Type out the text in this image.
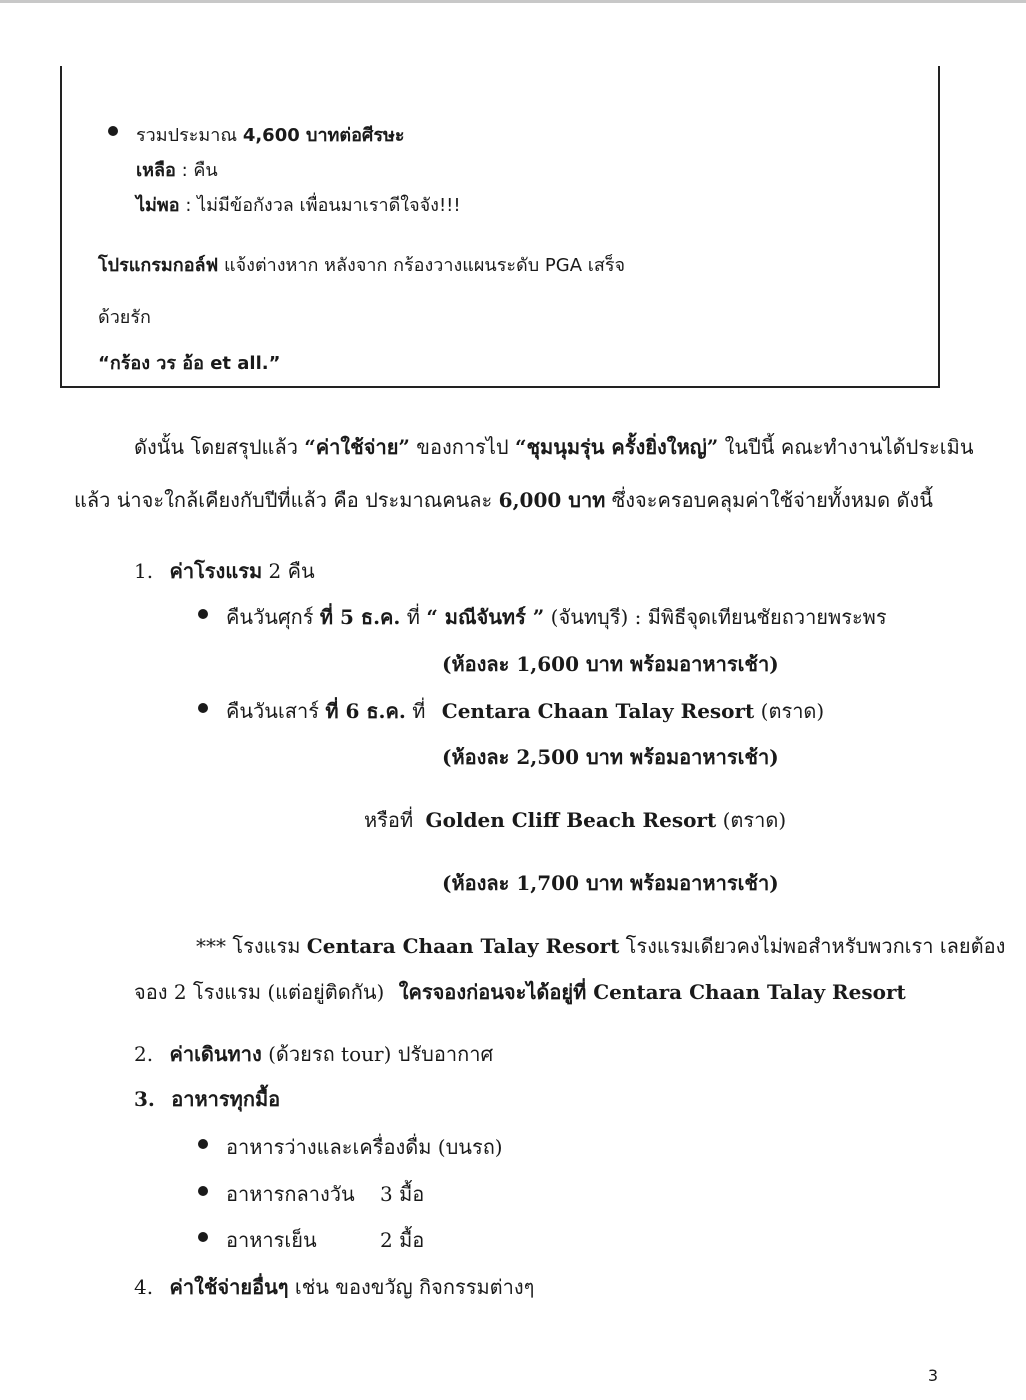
รวมประมาณ 4,600 บาทต่อศีรษะ
เหลือ : คืน
ไม่พอ : ไม่มีข้อกังวล เพื่อนมาเราดีใจจัง!!!
โปรแกรมกอล์ฟ แจ้งต่างหาก หลังจาก กร้องวางแผนระดับ PGA เสร็จ
ด้วยรัก
“กร้อง วร อ้อ et all.”
ดังนั้น โดยสรุปแล้ว “ค่าใช้จ่าย” ของการไป “ชุมนุมรุ่น ครั้งยิ่งใหญ่” ในปีนี้ คณะทำงานได้ประเมิน
แล้ว น่าจะใกล้เคียงกับปีที่แล้ว คือ ประมาณคนละ 6,000 บาท ซึ่งจะครอบคลุมค่าใช้จ่ายทั้งหมด ดังนี้
1. ค่าโรงแรม 2 คืน
คืนวันศุกร์ ที่ 5 ธ.ค. ที่ “ มณีจันทร์ ” (จันทบุรี) : มีพิธีจุดเทียนชัยถวายพระพร
(ห้องละ 1,600 บาท พร้อมอาหารเช้า)
คืนวันเสาร์ ที่ 6 ธ.ค. ที่ Centara Chaan Talay Resort (ตราด)
(ห้องละ 2,500 บาท พร้อมอาหารเช้า)
หรือที่ Golden Cliff Beach Resort (ตราด)
(ห้องละ 1,700 บาท พร้อมอาหารเช้า)
*** โรงแรม Centara Chaan Talay Resort โรงแรมเดียวคงไม่พอสำหรับพวกเรา เลยต้อง
จอง 2 โรงแรม (แต่อยู่ติดกัน) ใครจองก่อนจะได้อยู่ที่ Centara Chaan Talay Resort
2. ค่าเดินทาง (ด้วยรถ tour) ปรับอากาศ
3. อาหารทุกมื้อ
อาหารว่างและเครื่องดื่ม (บนรถ)
อาหารกลางวัน 3 มื้อ
อาหารเย็น	2 มื้อ
4. ค่าใช้จ่ายอื่นๆ เช่น ของขวัญ กิจกรรมต่างๆ
3
